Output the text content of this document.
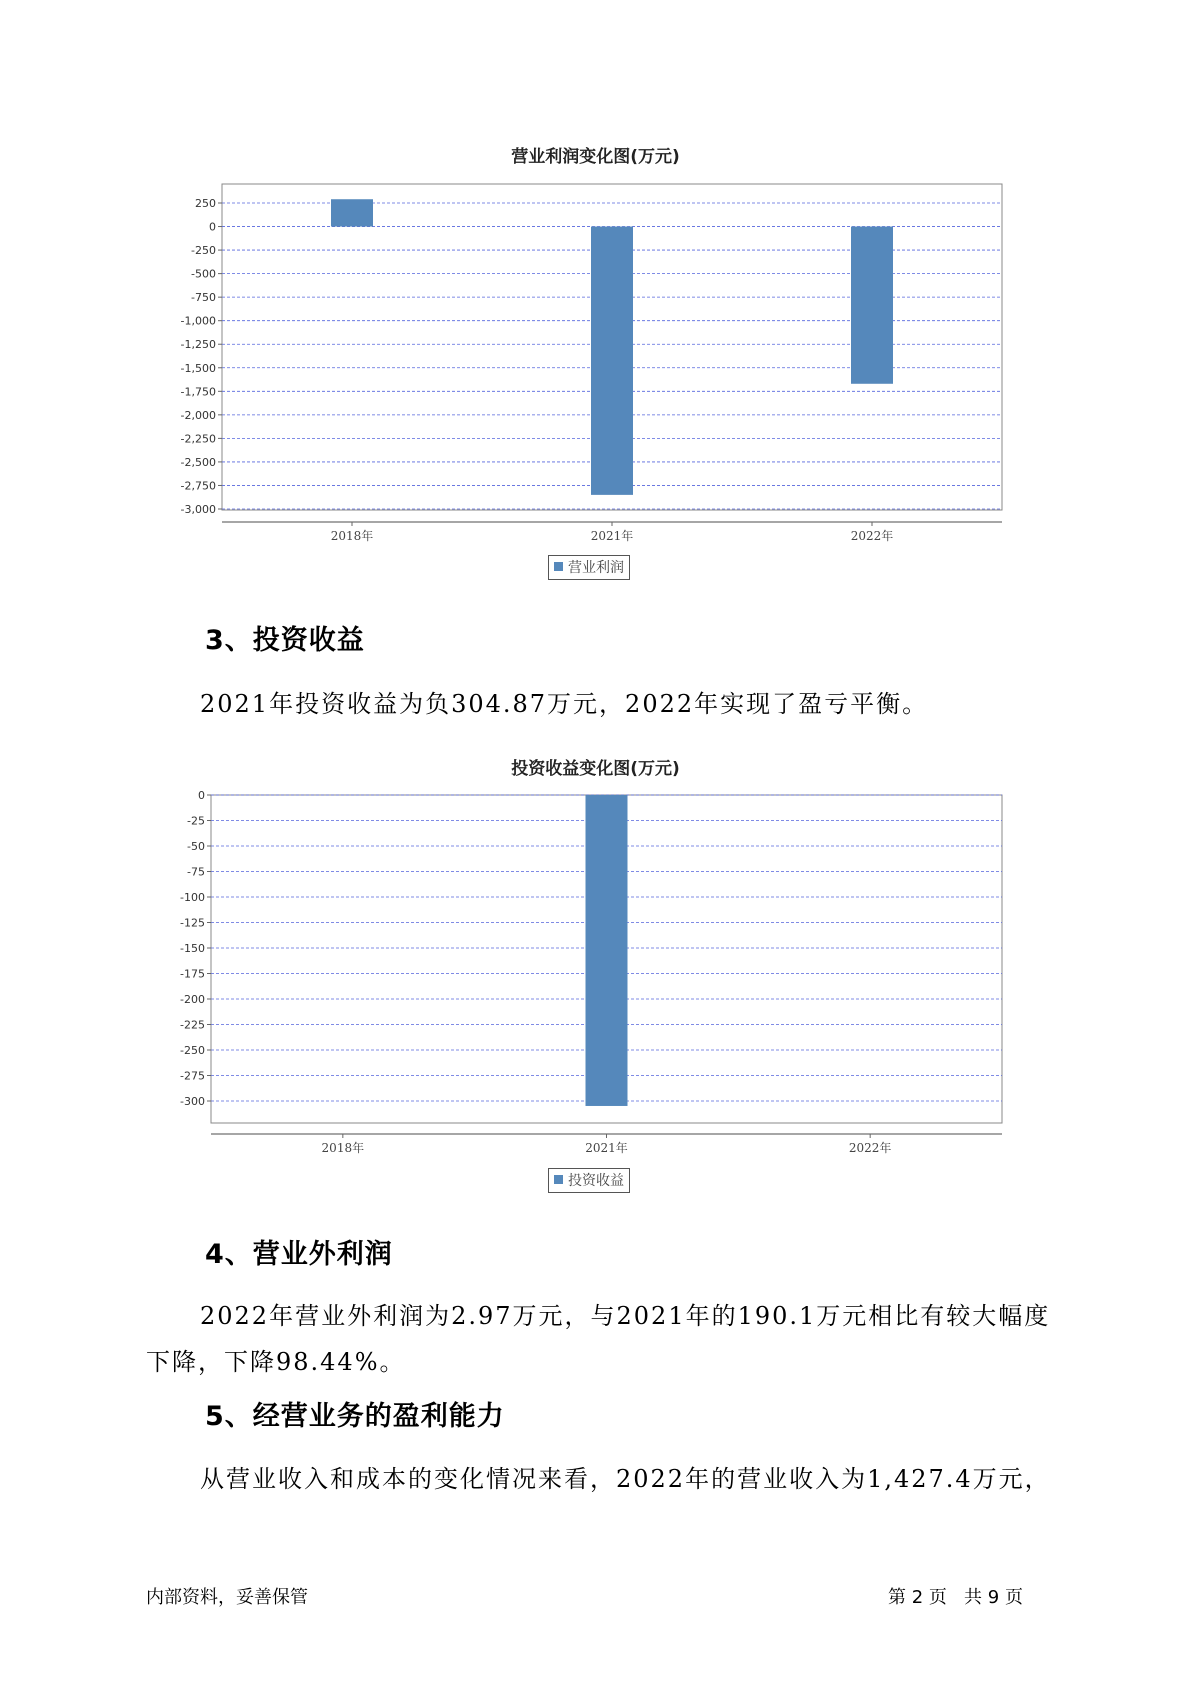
营业利润变化图(万元)
250
0
-250
-500
-750
-1,000
-1,250
-1,500
-1,750
-2,000
-2,250
-2,500
-2,750
-3,000
2018年	2021年	2022年
营业利润
3、投资收益
2021年投资收益为负304.87万元，2022年实现了盈亏平衡。
投资收益变化图(万元)
0
-25
-50
-75
-100
-125
-150
-175
-200
-225
-250
-275
-300
2018年	2021年	2022年
投资收益
4、营业外利润
2022年营业外利润为2.97万元，与2021年的190.1万元相比有较大幅度
下降，下降98.44%。
5、经营业务的盈利能力
从营业收入和成本的变化情况来看，2022年的营业收入为1,427.4万元，
内部资料，妥善保管	第 2 页   共 9 页
